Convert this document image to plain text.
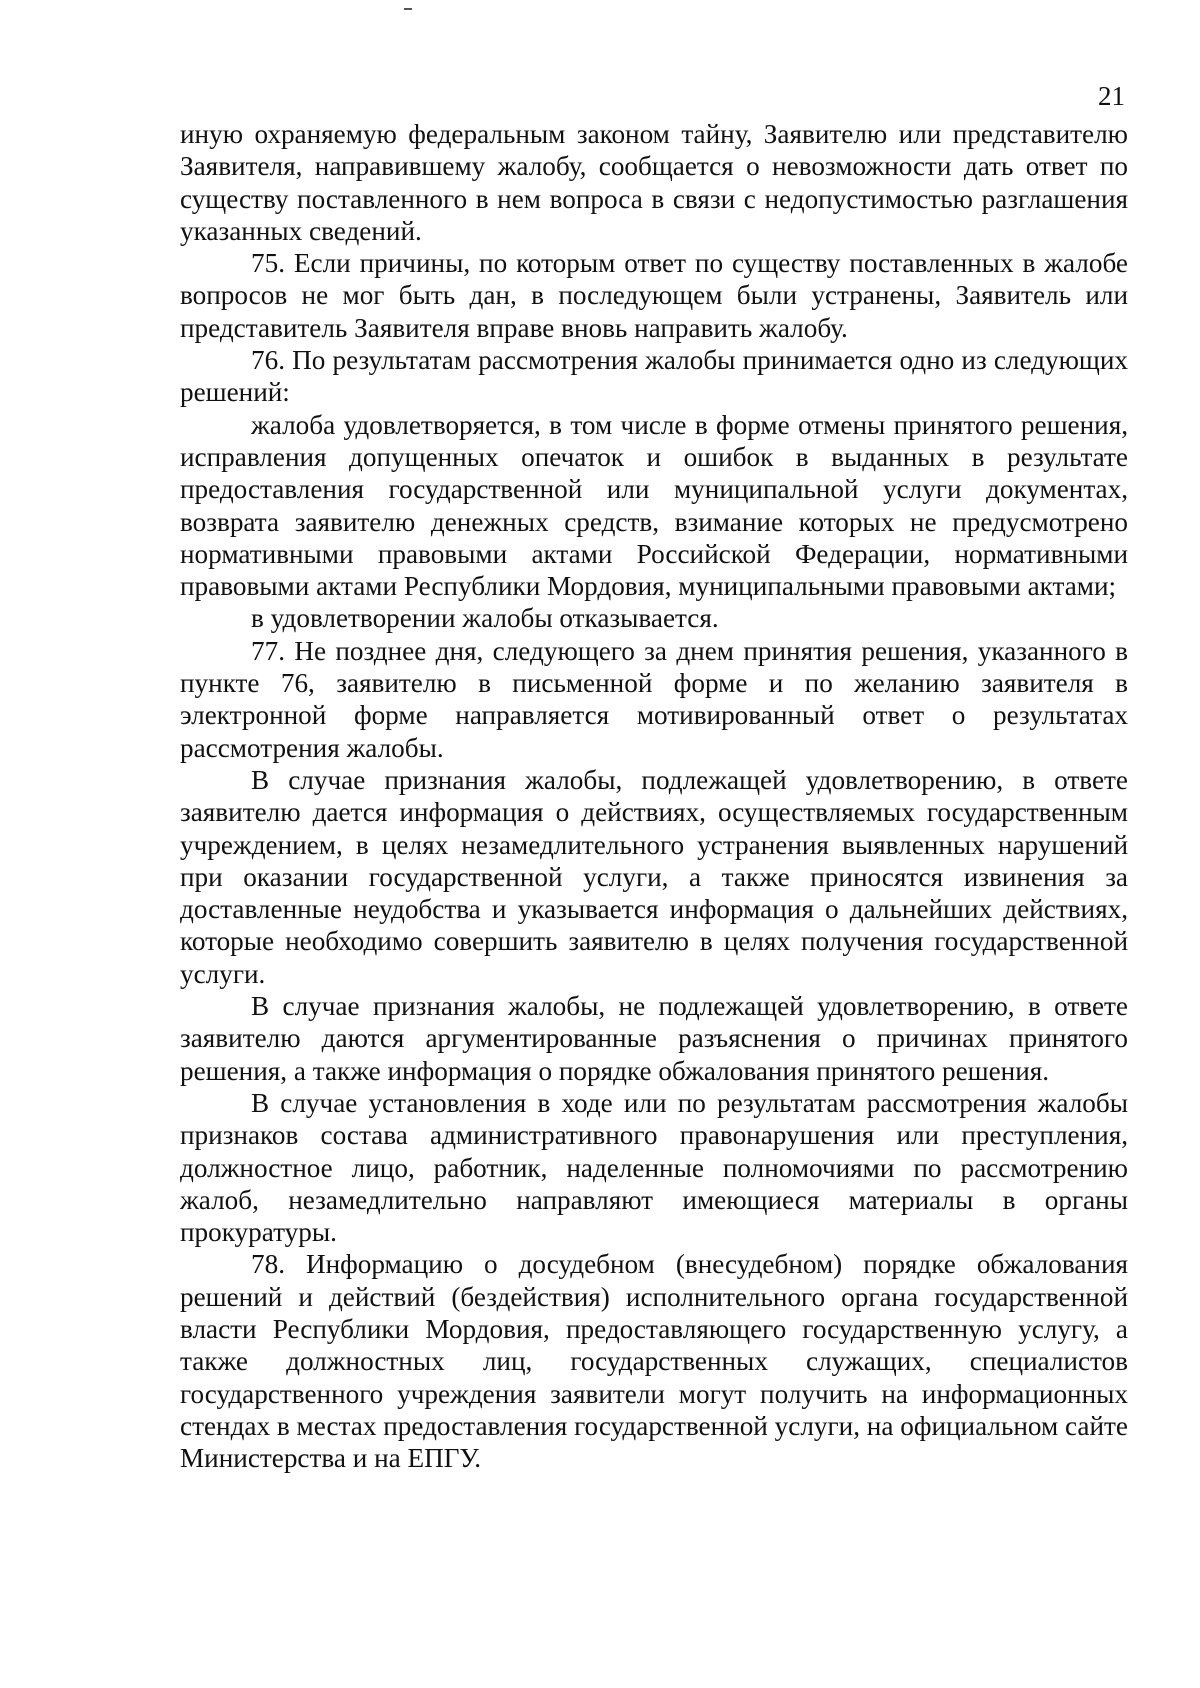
21

иную охраняемую федеральным законом тайну, Заявителю или представителю Заявителя, направившему жалобу, сообщается о невозможности дать ответ по существу поставленного в нем вопроса в связи с недопустимостью разглашения указанных сведений.

75. Если причины, по которым ответ по существу поставленных в жалобе вопросов не мог быть дан, в последующем были устранены, Заявитель или представитель Заявителя вправе вновь направить жалобу.

76. По результатам рассмотрения жалобы принимается одно из следующих решений:

жалоба удовлетворяется, в том числе в форме отмены принятого решения, исправления допущенных опечаток и ошибок в выданных в результате предоставления государственной или муниципальной услуги документах, возврата заявителю денежных средств, взимание которых не предусмотрено нормативными правовыми актами Российской Федерации, нормативными правовыми актами Республики Мордовия, муниципальными правовыми актами;

в удовлетворении жалобы отказывается.

77. Не позднее дня, следующего за днем принятия решения, указанного в пункте 76, заявителю в письменной форме и по желанию заявителя в электронной форме направляется мотивированный ответ о результатах рассмотрения жалобы.

В случае признания жалобы, подлежащей удовлетворению, в ответе заявителю дается информация о действиях, осуществляемых государственным учреждением, в целях незамедлительного устранения выявленных нарушений при оказании государственной услуги, а также приносятся извинения за доставленные неудобства и указывается информация о дальнейших действиях, которые необходимо совершить заявителю в целях получения государственной услуги.

В случае признания жалобы, не подлежащей удовлетворению, в ответе заявителю даются аргументированные разъяснения о причинах принятого решения, а также информация о порядке обжалования принятого решения.

В случае установления в ходе или по результатам рассмотрения жалобы признаков состава административного правонарушения или преступления, должностное лицо, работник, наделенные полномочиями по рассмотрению жалоб, незамедлительно направляют имеющиеся материалы в органы прокуратуры.

78. Информацию о досудебном (внесудебном) порядке обжалования решений и действий (бездействия) исполнительного органа государственной власти Республики Мордовия, предоставляющего государственную услугу, а также должностных лиц, государственных служащих, специалистов государственного учреждения заявители могут получить на информационных стендах в местах предоставления государственной услуги, на официальном сайте Министерства и на ЕПГУ.
